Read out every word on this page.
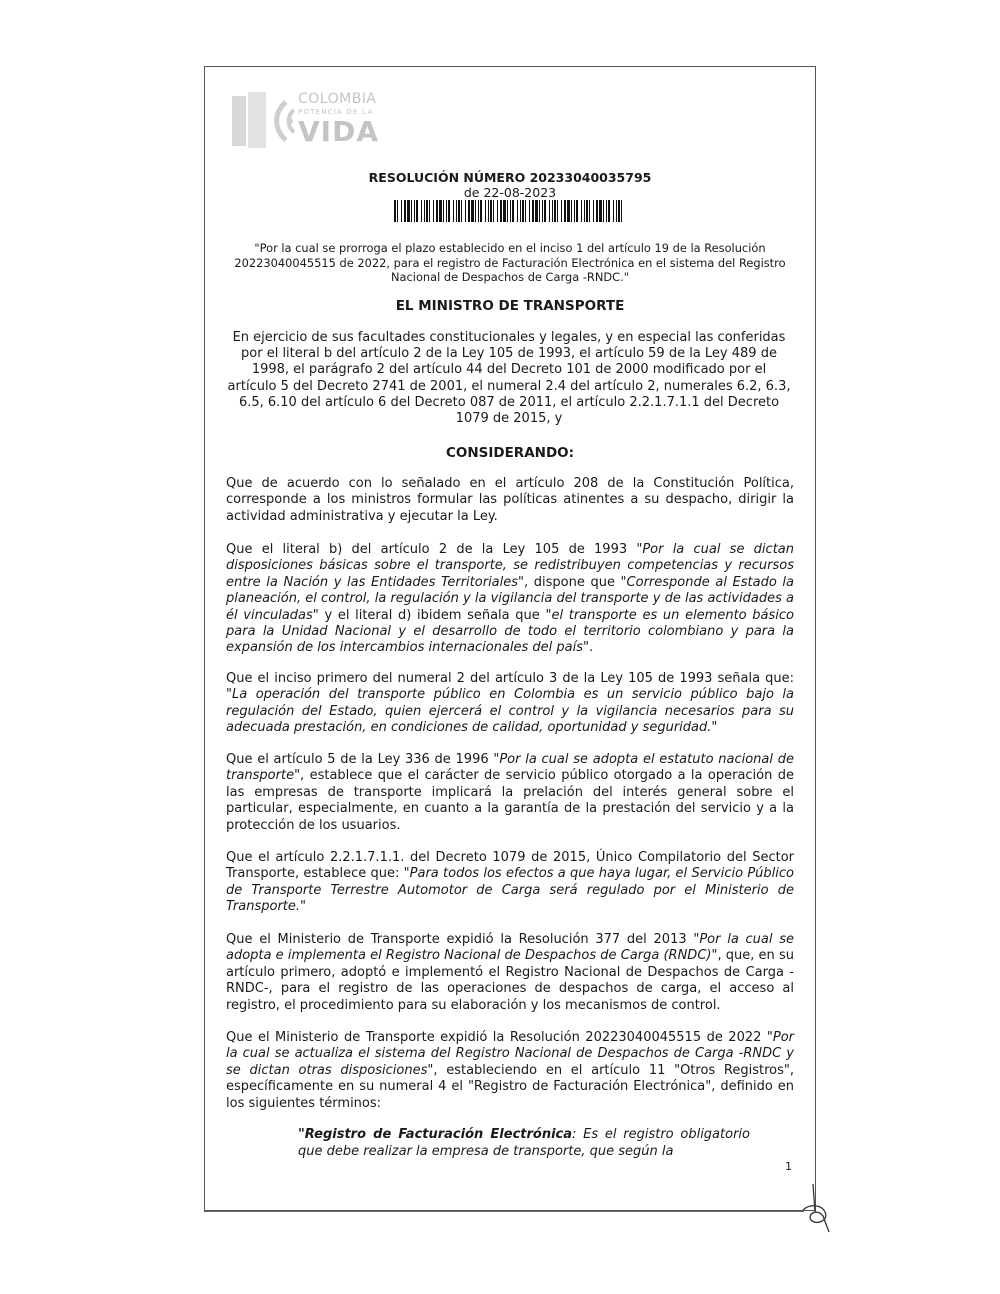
COLOMBIA
POTENCIA DE LA
VIDA
RESOLUCIÓN NÚMERO 20233040035795
de 22-08-2023
"Por la cual se prorroga el plazo establecido en el inciso 1 del artículo 19 de la Resolución 20223040045515 de 2022, para el registro de Facturación Electrónica en el sistema del Registro Nacional de Despachos de Carga -RNDC."
EL MINISTRO DE TRANSPORTE
En ejercicio de sus facultades constitucionales y legales, y en especial las conferidas por el literal b del artículo 2 de la Ley 105 de 1993, el artículo 59 de la Ley 489 de 1998, el parágrafo 2 del artículo 44 del Decreto 101 de 2000 modificado por el artículo 5 del Decreto 2741 de 2001, el numeral 2.4 del artículo 2, numerales 6.2, 6.3, 6.5, 6.10 del artículo 6 del Decreto 087 de 2011, el artículo 2.2.1.7.1.1 del Decreto 1079 de 2015, y
CONSIDERANDO:

Que de acuerdo con lo señalado en el artículo 208 de la Constitución Política, corresponde a los ministros formular las políticas atinentes a su despacho, dirigir la actividad administrativa y ejecutar la Ley.

Que el literal b) del artículo 2 de la Ley 105 de 1993 "Por la cual se dictan disposiciones básicas sobre el transporte, se redistribuyen competencias y recursos entre la Nación y las Entidades Territoriales", dispone que "Corresponde al Estado la planeación, el control, la regulación y la vigilancia del transporte y de las actividades a él vinculadas" y el literal d) ibidem señala que "el transporte es un elemento básico para la Unidad Nacional y el desarrollo de todo el territorio colombiano y para la expansión de los intercambios internacionales del país".

Que el inciso primero del numeral 2 del artículo 3 de la Ley 105 de 1993 señala que: "La operación del transporte público en Colombia es un servicio público bajo la regulación del Estado, quien ejercerá el control y la vigilancia necesarios para su adecuada prestación, en condiciones de calidad, oportunidad y seguridad."

Que el artículo 5 de la Ley 336 de 1996 "Por la cual se adopta el estatuto nacional de transporte", establece que el carácter de servicio público otorgado a la operación de las empresas de transporte implicará la prelación del interés general sobre el particular, especialmente, en cuanto a la garantía de la prestación del servicio y a la protección de los usuarios.

Que el artículo 2.2.1.7.1.1. del Decreto 1079 de 2015, Único Compilatorio del Sector Transporte, establece que: "Para todos los efectos a que haya lugar, el Servicio Público de Transporte Terrestre Automotor de Carga será regulado por el Ministerio de Transporte."

Que el Ministerio de Transporte expidió la Resolución 377 del 2013 "Por la cual se adopta e implementa el Registro Nacional de Despachos de Carga (RNDC)", que, en su artículo primero, adoptó e implementó el Registro Nacional de Despachos de Carga -RNDC-, para el registro de las operaciones de despachos de carga, el acceso al registro, el procedimiento para su elaboración y los mecanismos de control.

Que el Ministerio de Transporte expidió la Resolución 20223040045515 de 2022 "Por la cual se actualiza el sistema del Registro Nacional de Despachos de Carga -RNDC y se dictan otras disposiciones", estableciendo en el artículo 11 "Otros Registros", específicamente en su numeral 4 el "Registro de Facturación Electrónica", definido en los siguientes términos:

"Registro de Facturación Electrónica: Es el registro obligatorio que debe realizar la empresa de transporte, que según la
1
